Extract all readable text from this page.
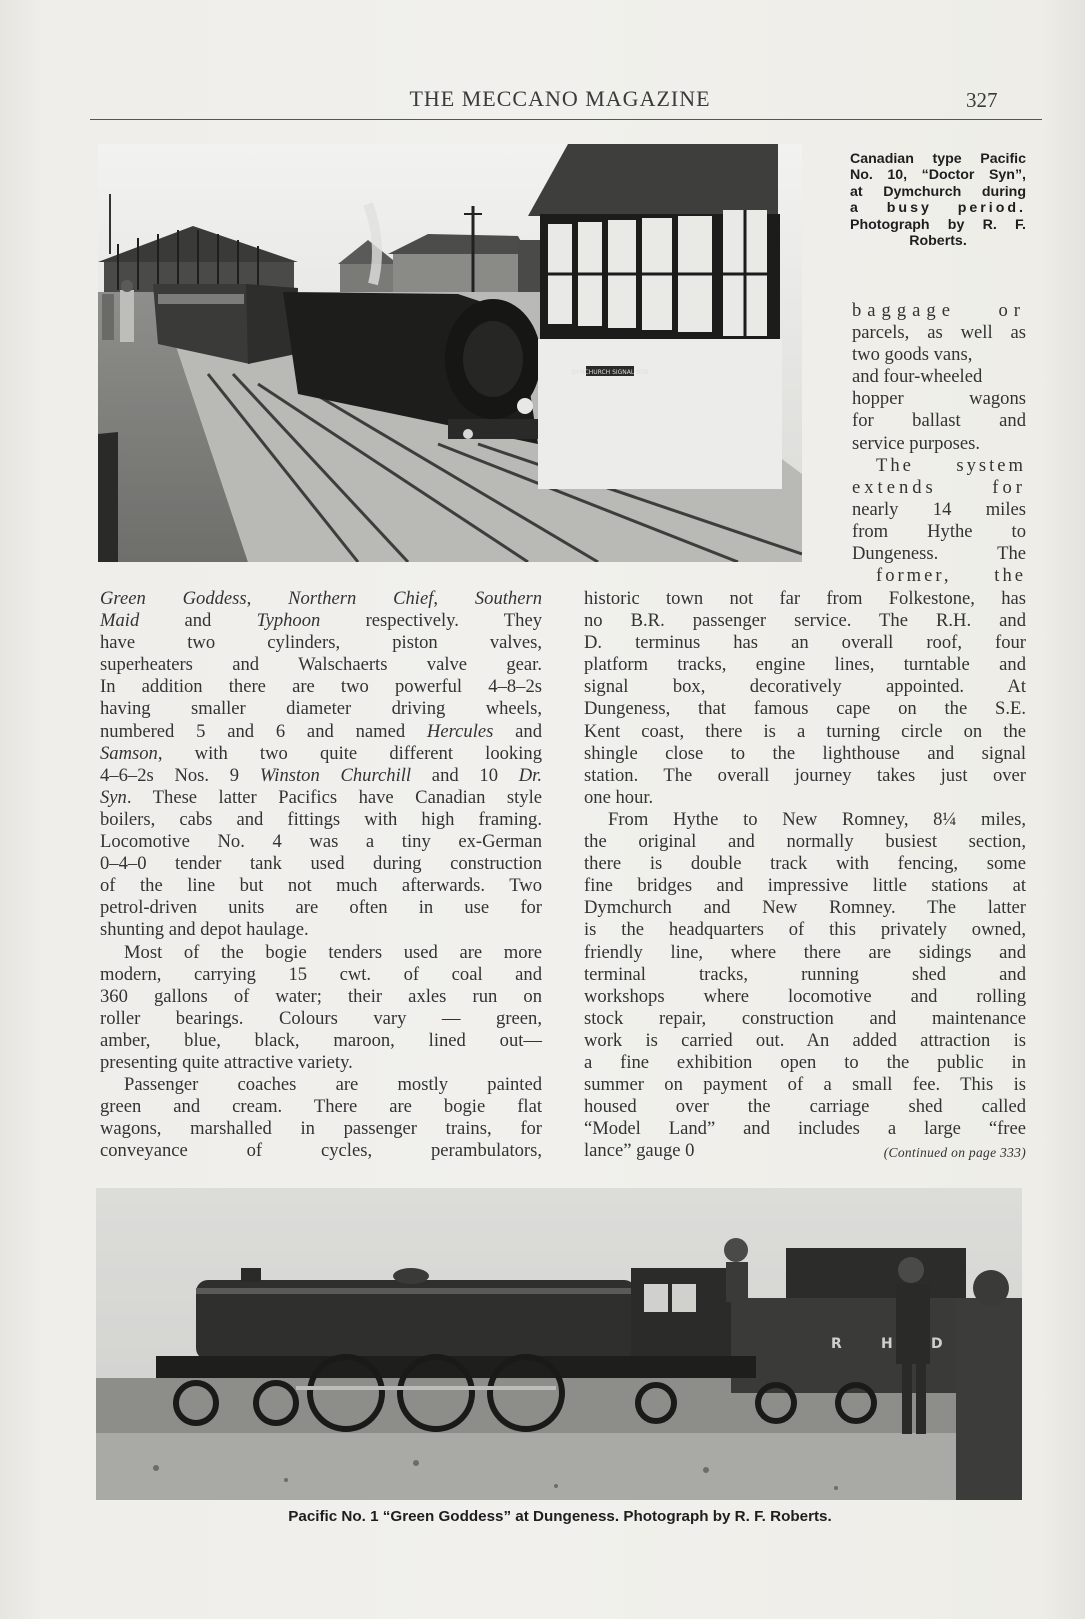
THE MECCANO MAGAZINE	327
DYMCHURCH SIGNAL BOX
Canadian type Pacific
No. 10, “Doctor Syn”,
at Dymchurch during
a busy period.
Photograph by R. F.
Roberts.
baggage or
parcels, as well as
two goods vans,
and four-wheeled
hopper wagons
for ballast and
service purposes.
The system
extends for
nearly 14 miles
from Hythe to
Dungeness. The
former, the
Green Goddess, Northern Chief, Southern
Maid and Typhoon respectively. They
have two cylinders, piston valves,
superheaters and Walschaerts valve gear.
In addition there are two powerful 4–8–2s
having smaller diameter driving wheels,
numbered 5 and 6 and named Hercules and
Samson, with two quite different looking
4–6–2s Nos. 9 Winston Churchill and 10 Dr.
Syn. These latter Pacifics have Canadian style
boilers, cabs and fittings with high framing.
Locomotive No. 4 was a tiny ex-German
0–4–0 tender tank used during construction
of the line but not much afterwards. Two
petrol-driven units are often in use for
shunting and depot haulage.
Most of the bogie tenders used are more
modern, carrying 15 cwt. of coal and
360 gallons of water; their axles run on
roller bearings. Colours vary — green,
amber, blue, black, maroon, lined out—
presenting quite attractive variety.
Passenger coaches are mostly painted
green and cream. There are bogie flat
wagons, marshalled in passenger trains, for
conveyance of cycles, perambulators,
historic town not far from Folkestone, has
no B.R. passenger service. The R.H. and
D. terminus has an overall roof, four
platform tracks, engine lines, turntable and
signal box, decoratively appointed. At
Dungeness, that famous cape on the S.E.
Kent coast, there is a turning circle on the
shingle close to the lighthouse and signal
station. The overall journey takes just over
one hour.
From Hythe to New Romney, 8¼ miles,
the original and normally busiest section,
there is double track with fencing, some
fine bridges and impressive little stations at
Dymchurch and New Romney. The latter
is the headquarters of this privately owned,
friendly line, where there are sidings and
terminal tracks, running shed and
workshops where locomotive and rolling
stock repair, construction and maintenance
work is carried out. An added attraction is
a fine exhibition open to the public in
summer on payment of a small fee. This is
housed over the carriage shed called
“Model Land” and includes a large “free
lance” gauge 0	(Continued on page 333)
R	H	D
Pacific No. 1 “Green Goddess” at Dungeness. Photograph by R. F. Roberts.
